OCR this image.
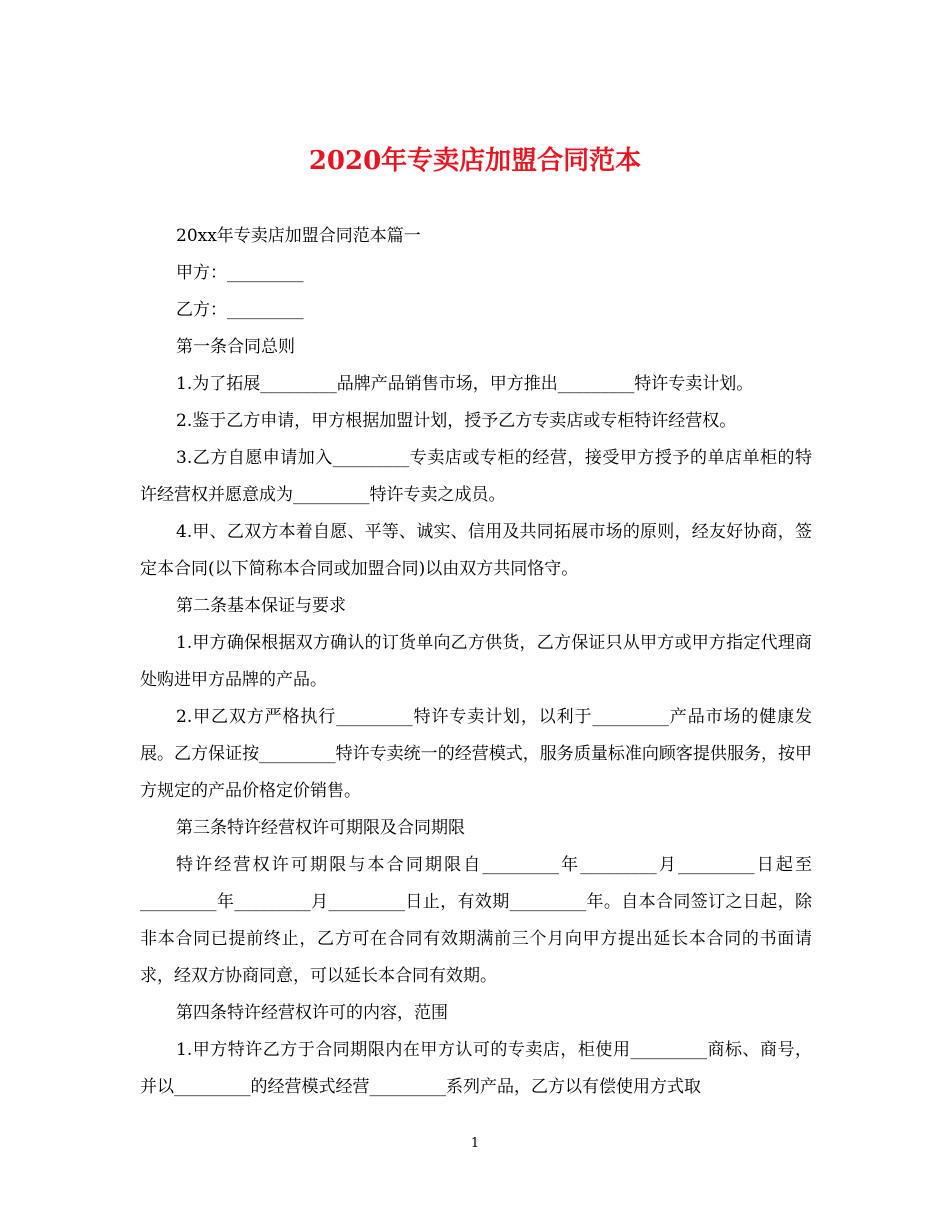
2020年专卖店加盟合同范本

20xx年专卖店加盟合同范本篇一

甲方：_________

乙方：_________

第一条合同总则

1.为了拓展_________品牌产品销售市场，甲方推出_________特许专卖计划。

2.鉴于乙方申请，甲方根据加盟计划，授予乙方专卖店或专柜特许经营权。

3.乙方自愿申请加入_________专卖店或专柜的经营，接受甲方授予的单店单柜的特许经营权并愿意成为_________特许专卖之成员。

4.甲、乙双方本着自愿、平等、诚实、信用及共同拓展市场的原则，经友好协商，签定本合同(以下简称本合同或加盟合同)以由双方共同恪守。

第二条基本保证与要求

1.甲方确保根据双方确认的订货单向乙方供货，乙方保证只从甲方或甲方指定代理商处购进甲方品牌的产品。

2.甲乙双方严格执行_________特许专卖计划，以利于_________产品市场的健康发展。乙方保证按_________特许专卖统一的经营模式，服务质量标准向顾客提供服务，按甲方规定的产品价格定价销售。

第三条特许经营权许可期限及合同期限

特许经营权许可期限与本合同期限自_________年_________月_________日起至_________年_________月_________日止，有效期_________年。自本合同签订之日起，除非本合同已提前终止，乙方可在合同有效期满前三个月向甲方提出延长本合同的书面请求，经双方协商同意，可以延长本合同有效期。

第四条特许经营权许可的内容，范围

1.甲方特许乙方于合同期限内在甲方认可的专卖店，柜使用_________商标、商号，并以_________的经营模式经营_________系列产品，乙方以有偿使用方式取

1
